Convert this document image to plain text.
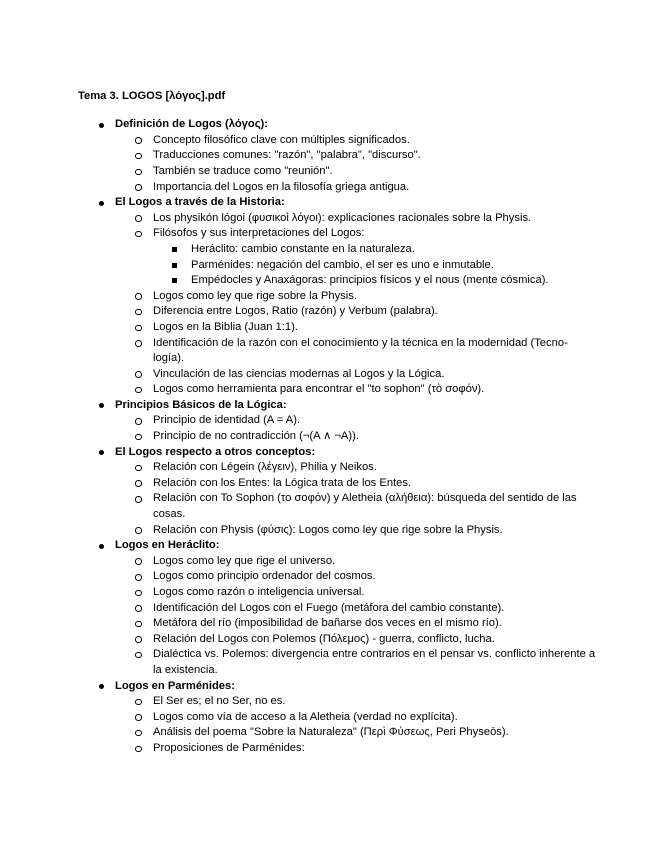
Tema 3. LOGOS [λόγος].pdf
Definición de Logos (λόγος):
Concepto filosófico clave con múltiples significados.
Traducciones comunes: "razón", "palabra", "discurso".
También se traduce como "reunión".
Importancia del Logos en la filosofía griega antigua.
El Logos a través de la Historia:
Los physikón lógoi (φυσικοὶ λόγοι): explicaciones racionales sobre la Physis.
Filósofos y sus interpretaciones del Logos:
Heráclito: cambio constante en la naturaleza.
Parménides: negación del cambio, el ser es uno e inmutable.
Empédocles y Anaxágoras: principios físicos y el nous (mente cósmica).
Logos como ley que rige sobre la Physis.
Diferencia entre Logos, Ratio (razón) y Verbum (palabra).
Logos en la Biblia (Juan 1:1).
Identificación de la razón con el conocimiento y la técnica en la modernidad (Tecno-logía).
Vinculación de las ciencias modernas al Logos y la Lógica.
Logos como herramienta para encontrar el "to sophon" (τὸ σοφόν).
Principios Básicos de la Lógica:
Principio de identidad (A = A).
Principio de no contradicción (¬(A ∧ ¬A)).
El Logos respecto a otros conceptos:
Relación con Légein (λέγειν), Philia y Neikos.
Relación con los Entes: la Lógica trata de los Entes.
Relación con To Sophon (το σοφόν) y Aletheia (αλήθεια): búsqueda del sentido de las cosas.
Relación con Physis (φύσις): Logos como ley que rige sobre la Physis.
Logos en Heráclito:
Logos como ley que rige el universo.
Logos como principio ordenador del cosmos.
Logos como razón o inteligencia universal.
Identificación del Logos con el Fuego (metáfora del cambio constante).
Metáfora del río (imposibilidad de bañarse dos veces en el mismo río).
Relación del Logos con Polemos (Πόλεμος) - guerra, conflicto, lucha.
Dialéctica vs. Polemos: divergencia entre contrarios en el pensar vs. conflicto inherente a la existencia.
Logos en Parménides:
El Ser es; el no Ser, no es.
Logos como vía de acceso a la Aletheia (verdad no explícita).
Análisis del poema "Sobre la Naturaleza" (Περὶ Φύσεως, Peri Physeōs).
Proposiciones de Parménides:
